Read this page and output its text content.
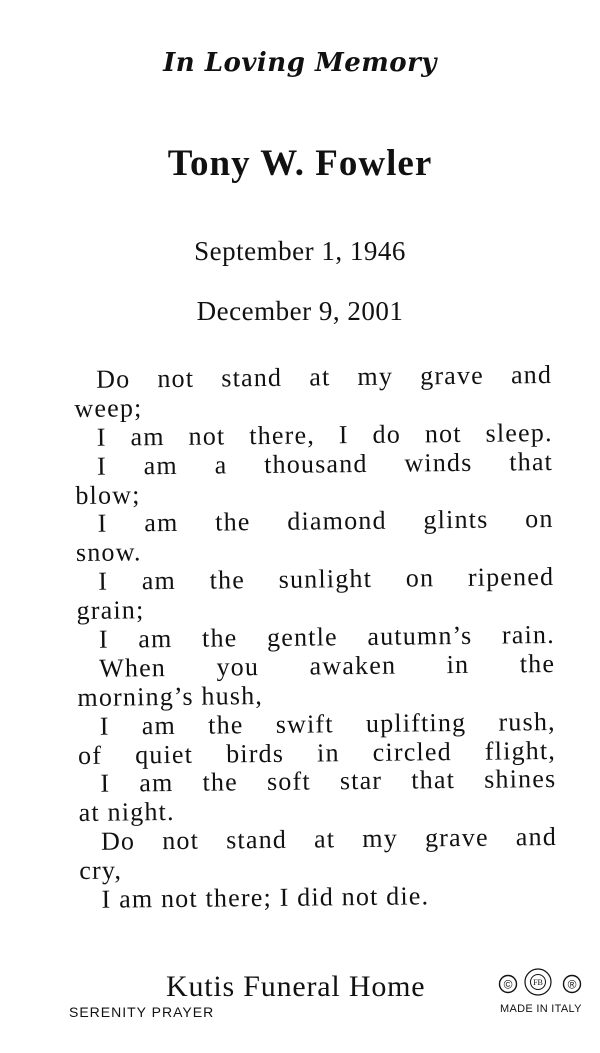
In Loving Memory
Tony W. Fowler
September 1, 1946
December 9, 2001
Do not stand at my grave and
weep;
I am not there, I do not sleep.
I am a thousand winds that
blow;
I am the diamond glints on
snow.
I am the sunlight on ripened
grain;
I am the gentle autumn’s rain.
When you awaken in the
morning’s hush,
I am the swift uplifting rush,
of quiet birds in circled flight,
I am the soft star that shines
at night.
Do not stand at my grave and
cry,
I am not there; I did not die.
Kutis Funeral Home
SERENITY PRAYER
©	FB ®
MADE IN ITALY
